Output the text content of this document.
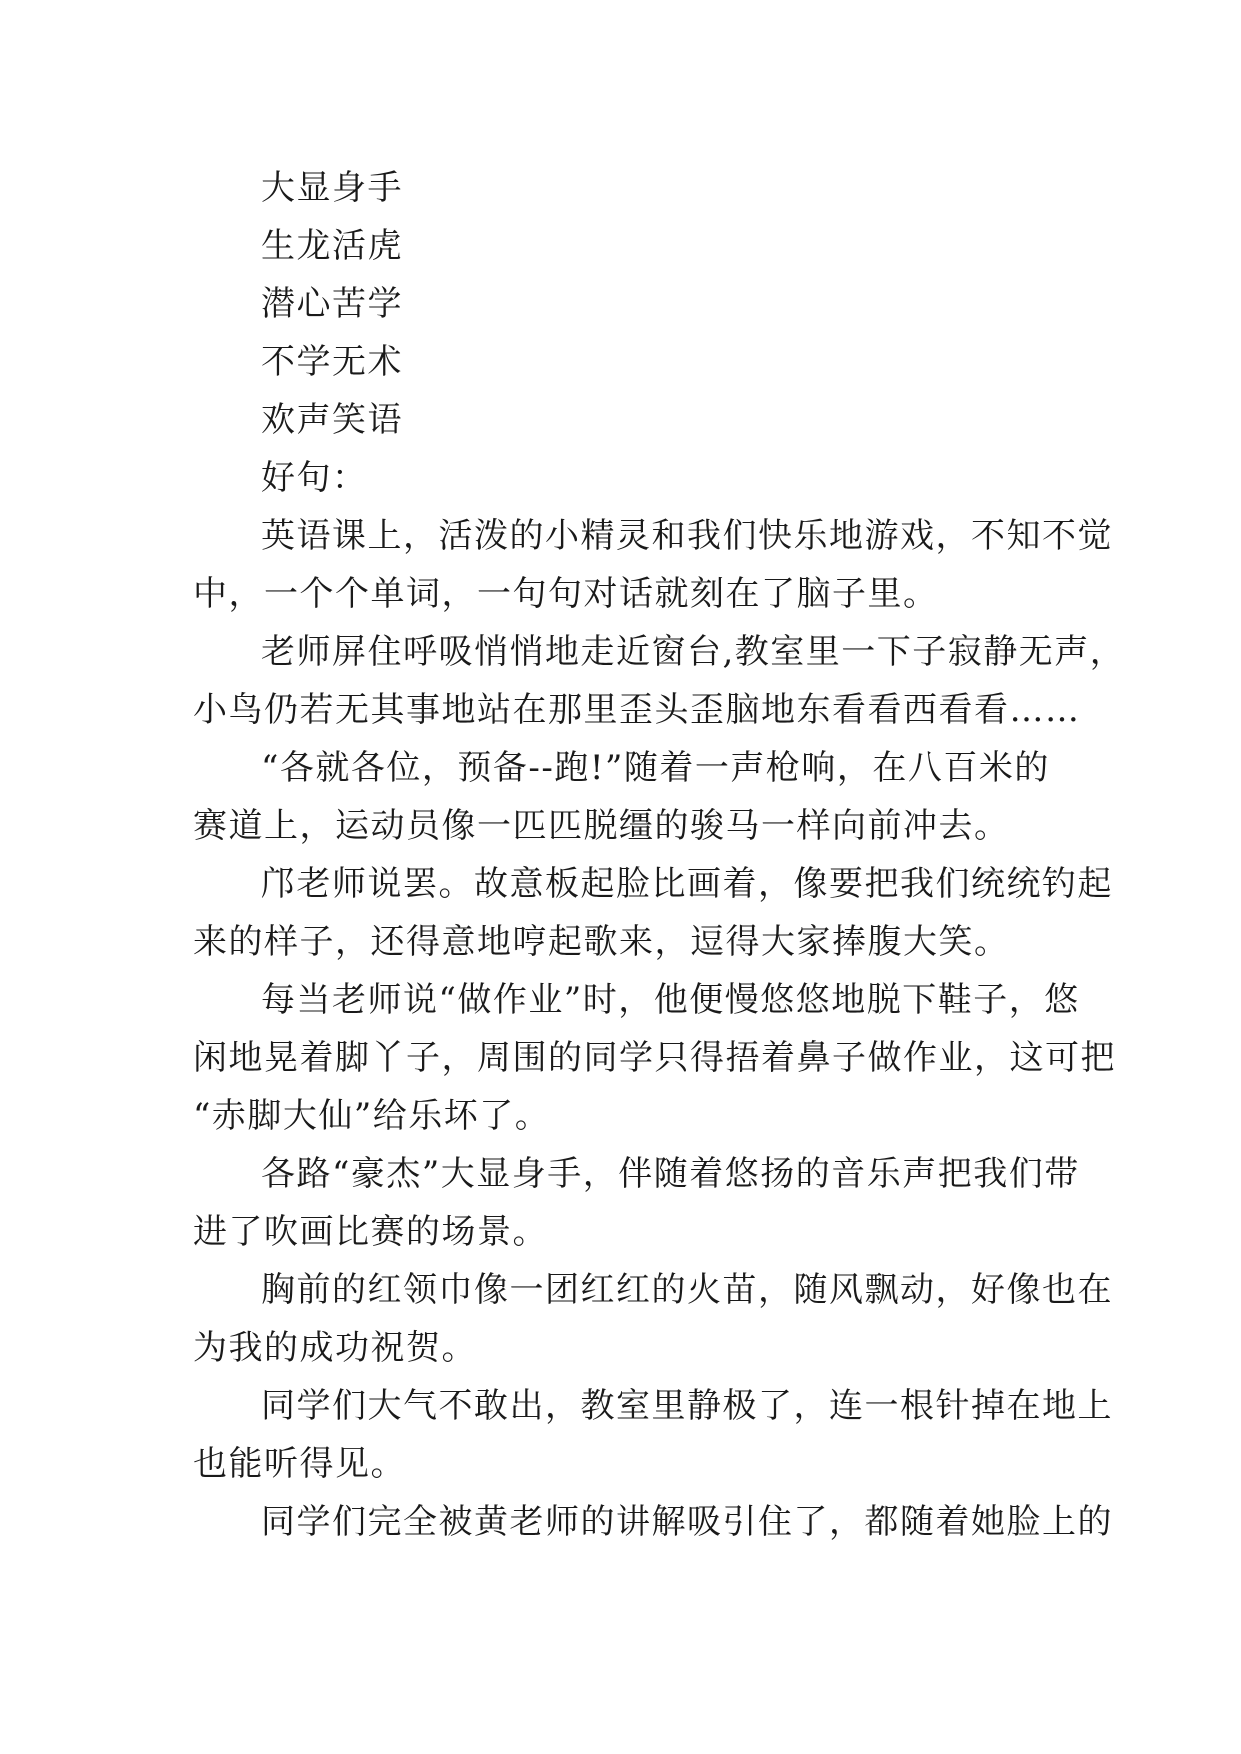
大显身手
生龙活虎
潜心苦学
不学无术
欢声笑语
好句：
英语课上，活泼的小精灵和我们快乐地游戏，不知不觉
中，一个个单词，一句句对话就刻在了脑子里。
老师屏住呼吸悄悄地走近窗台,教室里一下子寂静无声，
小鸟仍若无其事地站在那里歪头歪脑地东看看西看看……
“各就各位，预备--跑!”随着一声枪响，在八百米的
赛道上，运动员像一匹匹脱缰的骏马一样向前冲去。
邝老师说罢。故意板起脸比画着，像要把我们统统钓起
来的样子，还得意地哼起歌来，逗得大家捧腹大笑。
每当老师说“做作业”时，他便慢悠悠地脱下鞋子，悠
闲地晃着脚丫子，周围的同学只得捂着鼻子做作业，这可把
“赤脚大仙”给乐坏了。
各路“豪杰”大显身手，伴随着悠扬的音乐声把我们带
进了吹画比赛的场景。
胸前的红领巾像一团红红的火苗，随风飘动，好像也在
为我的成功祝贺。
同学们大气不敢出，教室里静极了，连一根针掉在地上
也能听得见。
同学们完全被黄老师的讲解吸引住了，都随着她脸上的
